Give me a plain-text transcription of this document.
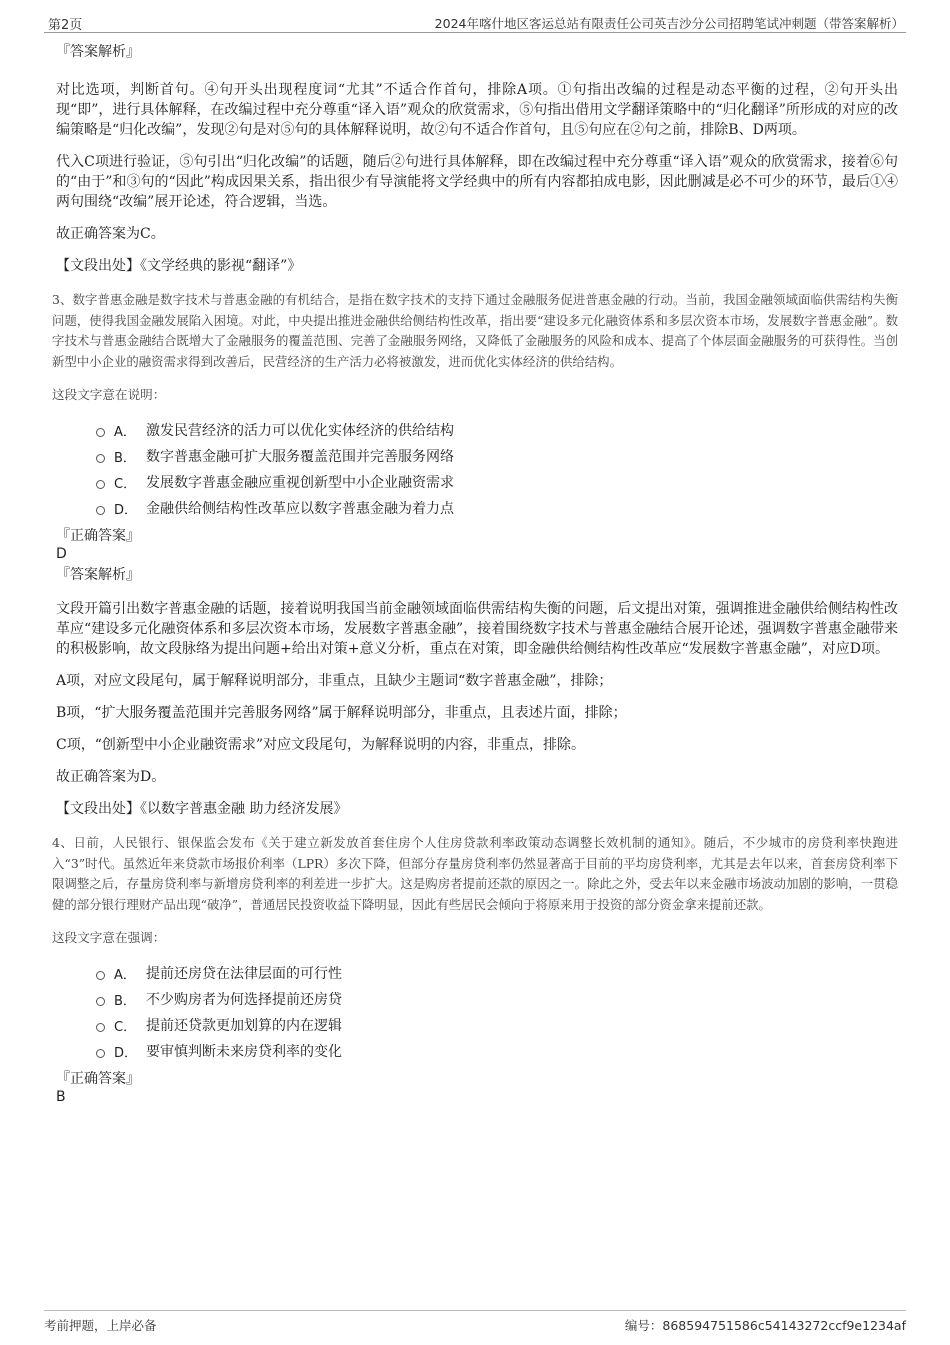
第2页	2024年喀什地区客运总站有限责任公司英吉沙分公司招聘笔试冲刺题（带答案解析）
『答案解析』

对比选项，判断首句。④句开头出现程度词“尤其”不适合作首句，排除A项。①句指出改编的过程是动态平衡的过程，②句开头出现“即”，进行具体解释，在改编过程中充分尊重“译入语”观众的欣赏需求，⑤句指出借用文学翻译策略中的“归化翻译”所形成的对应的改编策略是“归化改编”，发现②句是对⑤句的具体解释说明，故②句不适合作首句，且⑤句应在②句之前，排除B、D两项。

代入C项进行验证，⑤句引出“归化改编”的话题，随后②句进行具体解释，即在改编过程中充分尊重“译入语”观众的欣赏需求，接着⑥句的“由于”和③句的“因此”构成因果关系，指出很少有导演能将文学经典中的所有内容都拍成电影，因此删减是必不可少的环节，最后①④两句围绕“改编”展开论述，符合逻辑，当选。

故正确答案为C。

【文段出处】《文学经典的影视“翻译”》

3、数字普惠金融是数字技术与普惠金融的有机结合，是指在数字技术的支持下通过金融服务促进普惠金融的行动。当前，我国金融领域面临供需结构失衡问题，使得我国金融发展陷入困境。对此，中央提出推进金融供给侧结构性改革，指出要“建设多元化融资体系和多层次资本市场，发展数字普惠金融”。数字技术与普惠金融结合既增大了金融服务的覆盖范围、完善了金融服务网络，又降低了金融服务的风险和成本、提高了个体层面金融服务的可获得性。当创新型中小企业的融资需求得到改善后，民营经济的生产活力必将被激发，进而优化实体经济的供给结构。

这段文字意在说明：

A． 激发民营经济的活力可以优化实体经济的供给结构
B． 数字普惠金融可扩大服务覆盖范围并完善服务网络
C． 发展数字普惠金融应重视创新型中小企业融资需求
D． 金融供给侧结构性改革应以数字普惠金融为着力点
『正确答案』
D
『答案解析』

文段开篇引出数字普惠金融的话题，接着说明我国当前金融领域面临供需结构失衡的问题，后文提出对策，强调推进金融供给侧结构性改革应“建设多元化融资体系和多层次资本市场，发展数字普惠金融”，接着围绕数字技术与普惠金融结合展开论述，强调数字普惠金融带来的积极影响，故文段脉络为提出问题+给出对策+意义分析，重点在对策，即金融供给侧结构性改革应“发展数字普惠金融”，对应D项。

A项，对应文段尾句，属于解释说明部分，非重点，且缺少主题词“数字普惠金融”，排除；

B项，“扩大服务覆盖范围并完善服务网络”属于解释说明部分，非重点，且表述片面，排除；

C项，“创新型中小企业融资需求”对应文段尾句，为解释说明的内容，非重点，排除。

故正确答案为D。

【文段出处】《以数字普惠金融 助力经济发展》

4、日前，人民银行、银保监会发布《关于建立新发放首套住房个人住房贷款利率政策动态调整长效机制的通知》。随后，不少城市的房贷利率快跑进入“3”时代。虽然近年来贷款市场报价利率（LPR）多次下降，但部分存量房贷利率仍然显著高于目前的平均房贷利率，尤其是去年以来，首套房贷利率下限调整之后，存量房贷利率与新增房贷利率的利差进一步扩大。这是购房者提前还款的原因之一。除此之外，受去年以来金融市场波动加剧的影响，一贯稳健的部分银行理财产品出现“破净”，普通居民投资收益下降明显，因此有些居民会倾向于将原来用于投资的部分资金拿来提前还款。

这段文字意在强调：

A． 提前还房贷在法律层面的可行性
B． 不少购房者为何选择提前还房贷
C． 提前还贷款更加划算的内在逻辑
D． 要审慎判断未来房贷利率的变化
『正确答案』
B
考前押题，上岸必备	编号：868594751586c54143272ccf9e1234af
